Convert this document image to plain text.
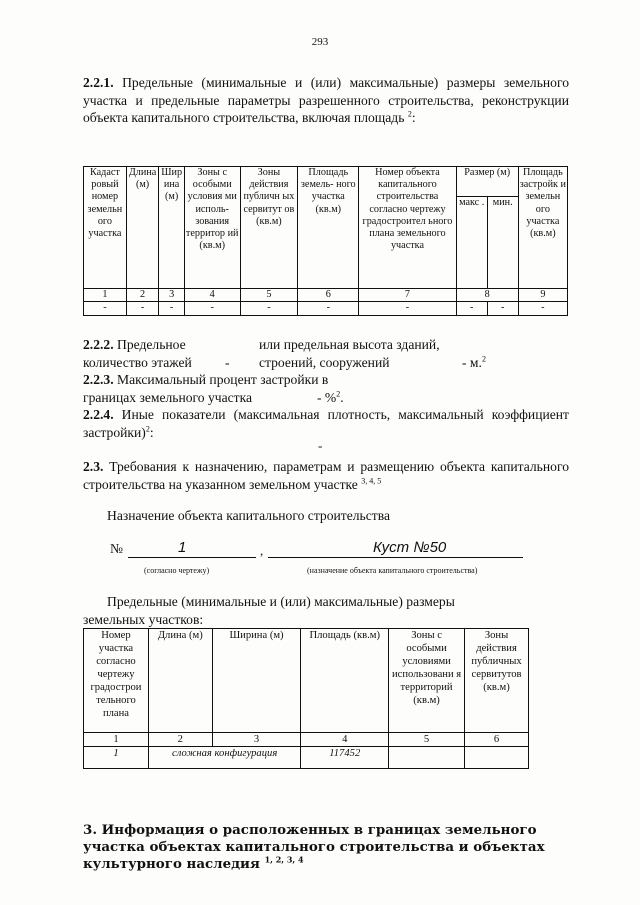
293
2.2.1. Предельные (минимальные и (или) максимальные) размеры земельного участка и предельные параметры разрешенного строительства, реконструкции объекта капитального строительства, включая площадь $^2$:
Кадаст ровый номер земельн ого участка	Длина (м)	Шир ина (м)	Зоны с особыми условия ми исполь- зования территор ий (кв.м)	Зоны действия публичн ых сервитут ов (кв.м)	Площадь земель- ного участка (кв.м)	Номер объекта капитального строительства согласно чертежу градостроител ьного плана земельного участка	Размер (м)		Площадь застройк и земельн ого участка (кв.м)
							макс .	мин.	
1	2	3	4	5	6	7	8		9
-	-	-	-	-	-	-	-	-	-
2.2.2. Предельное	или предельная высота зданий,
количество этажей - строений, сооружений	- м.$^2$
2.2.3. Максимальный процент застройки в
границах земельного участка	- %$^2$.
2.2.4. Иные показатели (максимальная плотность, максимальный коэффициент застройки)$^2$:
-
2.3. Требования к назначению, параметрам и размещению объекта капитального строительства на указанном земельном участке $^{3, 4, 5}$
Назначение объекта капитального строительства
№	1	,	Куст №50
(согласно чертежу)	(назначение объекта капитального строительства)
Предельные (минимальные и (или) максимальные) размеры земельных участков:
Номер участка согласно чертежу градострои тельного плана	Длина (м)	Ширина (м)	Площадь (кв.м)	Зоны с особыми условиями использовани я территорий (кв.м)	Зоны действия публичных сервитутов (кв.м)
1	2	3	4	5	6
1	сложная конфигурация		117452		
3. Информация о расположенных в границах земельного участка объектах капитального строительства и объектах культурного наследия $^{1, 2, 3, 4}$
